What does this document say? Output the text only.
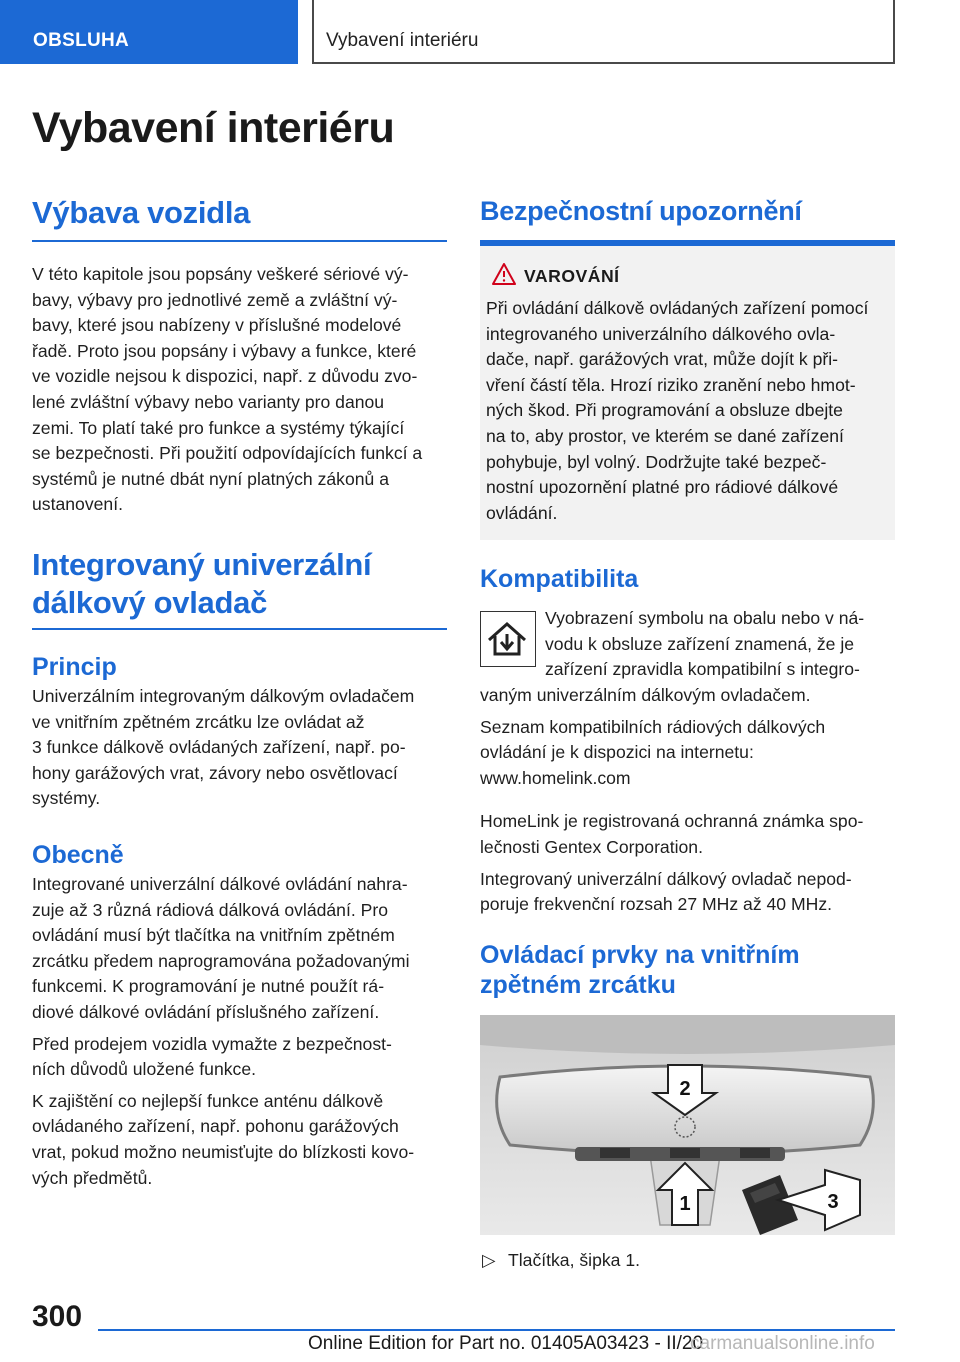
OBSLUHA	Vybavení interiéru
Vybavení interiéru
Výbava vozidla
V této kapitole jsou popsány veškeré sériové vý-
bavy, výbavy pro jednotlivé země a zvláštní vý-
bavy, které jsou nabízeny v příslušné modelové
řadě. Proto jsou popsány i výbavy a funkce, které
ve vozidle nejsou k dispozici, např. z důvodu zvo-
lené zvláštní výbavy nebo varianty pro danou
zemi. To platí také pro funkce a systémy týkající
se bezpečnosti. Při použití odpovídajících funkcí a
systémů je nutné dbát nyní platných zákonů a
ustanovení.
Integrovaný univerzální
dálkový ovladač
Princip
Univerzálním integrovaným dálkovým ovladačem
ve vnitřním zpětném zrcátku lze ovládat až
3 funkce dálkově ovládaných zařízení, např. po-
hony garážových vrat, závory nebo osvětlovací
systémy.
Obecně
Integrované univerzální dálkové ovládání nahra-
zuje až 3 různá rádiová dálková ovládání. Pro
ovládání musí být tlačítka na vnitřním zpětném
zrcátku předem naprogramována požadovanými
funkcemi. K programování je nutné použít rá-
diové dálkové ovládání příslušného zařízení.
Před prodejem vozidla vymažte z bezpečnost-
ních důvodů uložené funkce.
K zajištění co nejlepší funkce anténu dálkově
ovládaného zařízení, např. pohonu garážových
vrat, pokud možno neumisťujte do blízkosti kovo-
vých předmětů.
Bezpečnostní upozornění
VAROVÁNÍ
Při ovládání dálkově ovládaných zařízení pomocí
integrovaného univerzálního dálkového ovla-
dače, např. garážových vrat, může dojít k při-
vření částí těla. Hrozí riziko zranění nebo hmot-
ných škod. Při programování a obsluze dbejte
na to, aby prostor, ve kterém se dané zařízení
pohybuje, byl volný. Dodržujte také bezpeč-
nostní upozornění platné pro rádiové dálkové
ovládání.
Kompatibilita
Vyobrazení symbolu na obalu nebo v ná-
vodu k obsluze zařízení znamená, že je
zařízení zpravidla kompatibilní s integro-
vaným univerzálním dálkovým ovladačem.
Seznam kompatibilních rádiových dálkových
ovládání je k dispozici na internetu:
www.homelink.com
HomeLink je registrovaná ochranná známka spo-
lečnosti Gentex Corporation.
Integrovaný univerzální dálkový ovladač nepod-
poruje frekvenční rozsah 27 MHz až 40 MHz.
Ovládací prvky na vnitřním
zpětném zrcátku
2
1	3
▷ Tlačítka, šipka 1.
300
Online Edition for Part no. 01405A03423 - II/20
carmanualsonline.info
